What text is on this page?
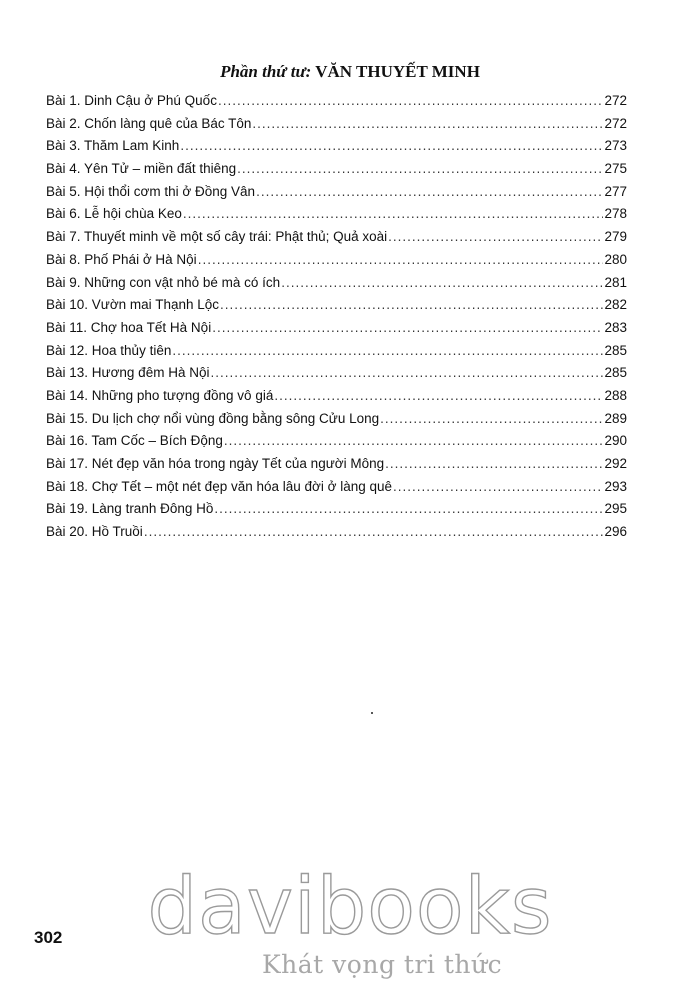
Phần thứ tư: VĂN THUYẾT MINH
Bài 1. Dinh Cậu ở Phú Quốc .....	272
Bài 2. Chốn làng quê của Bác Tôn .....	272
Bài 3. Thăm Lam Kinh .....	273
Bài 4. Yên Tử – miền đất thiêng .....	275
Bài 5. Hội thổi cơm thi ở Đồng Vân .....	277
Bài 6. Lễ hội chùa Keo .....	278
Bài 7. Thuyết minh về một số cây trái: Phật thủ; Quả xoài .....	279
Bài 8. Phố Phái ở Hà Nội .....	280
Bài 9. Những con vật nhỏ bé mà có ích .....	281
Bài 10. Vườn mai Thạnh Lộc .....	282
Bài 11. Chợ hoa Tết Hà Nội .....	283
Bài 12. Hoa thủy tiên .....	285
Bài 13. Hương đêm Hà Nội .....	285
Bài 14. Những pho tượng đồng vô giá .....	288
Bài 15. Du lịch chợ nổi vùng đồng bằng sông Cửu Long .....	289
Bài 16. Tam Cốc – Bích Động .....	290
Bài 17. Nét đẹp văn hóa trong ngày Tết của người Mông .....	292
Bài 18. Chợ Tết – một nét đẹp văn hóa lâu đời ở làng quê .....	293
Bài 19. Làng tranh Đông Hồ .....	295
Bài 20. Hồ Truồi .....	296
302	davibooks
Khát vọng tri thức
